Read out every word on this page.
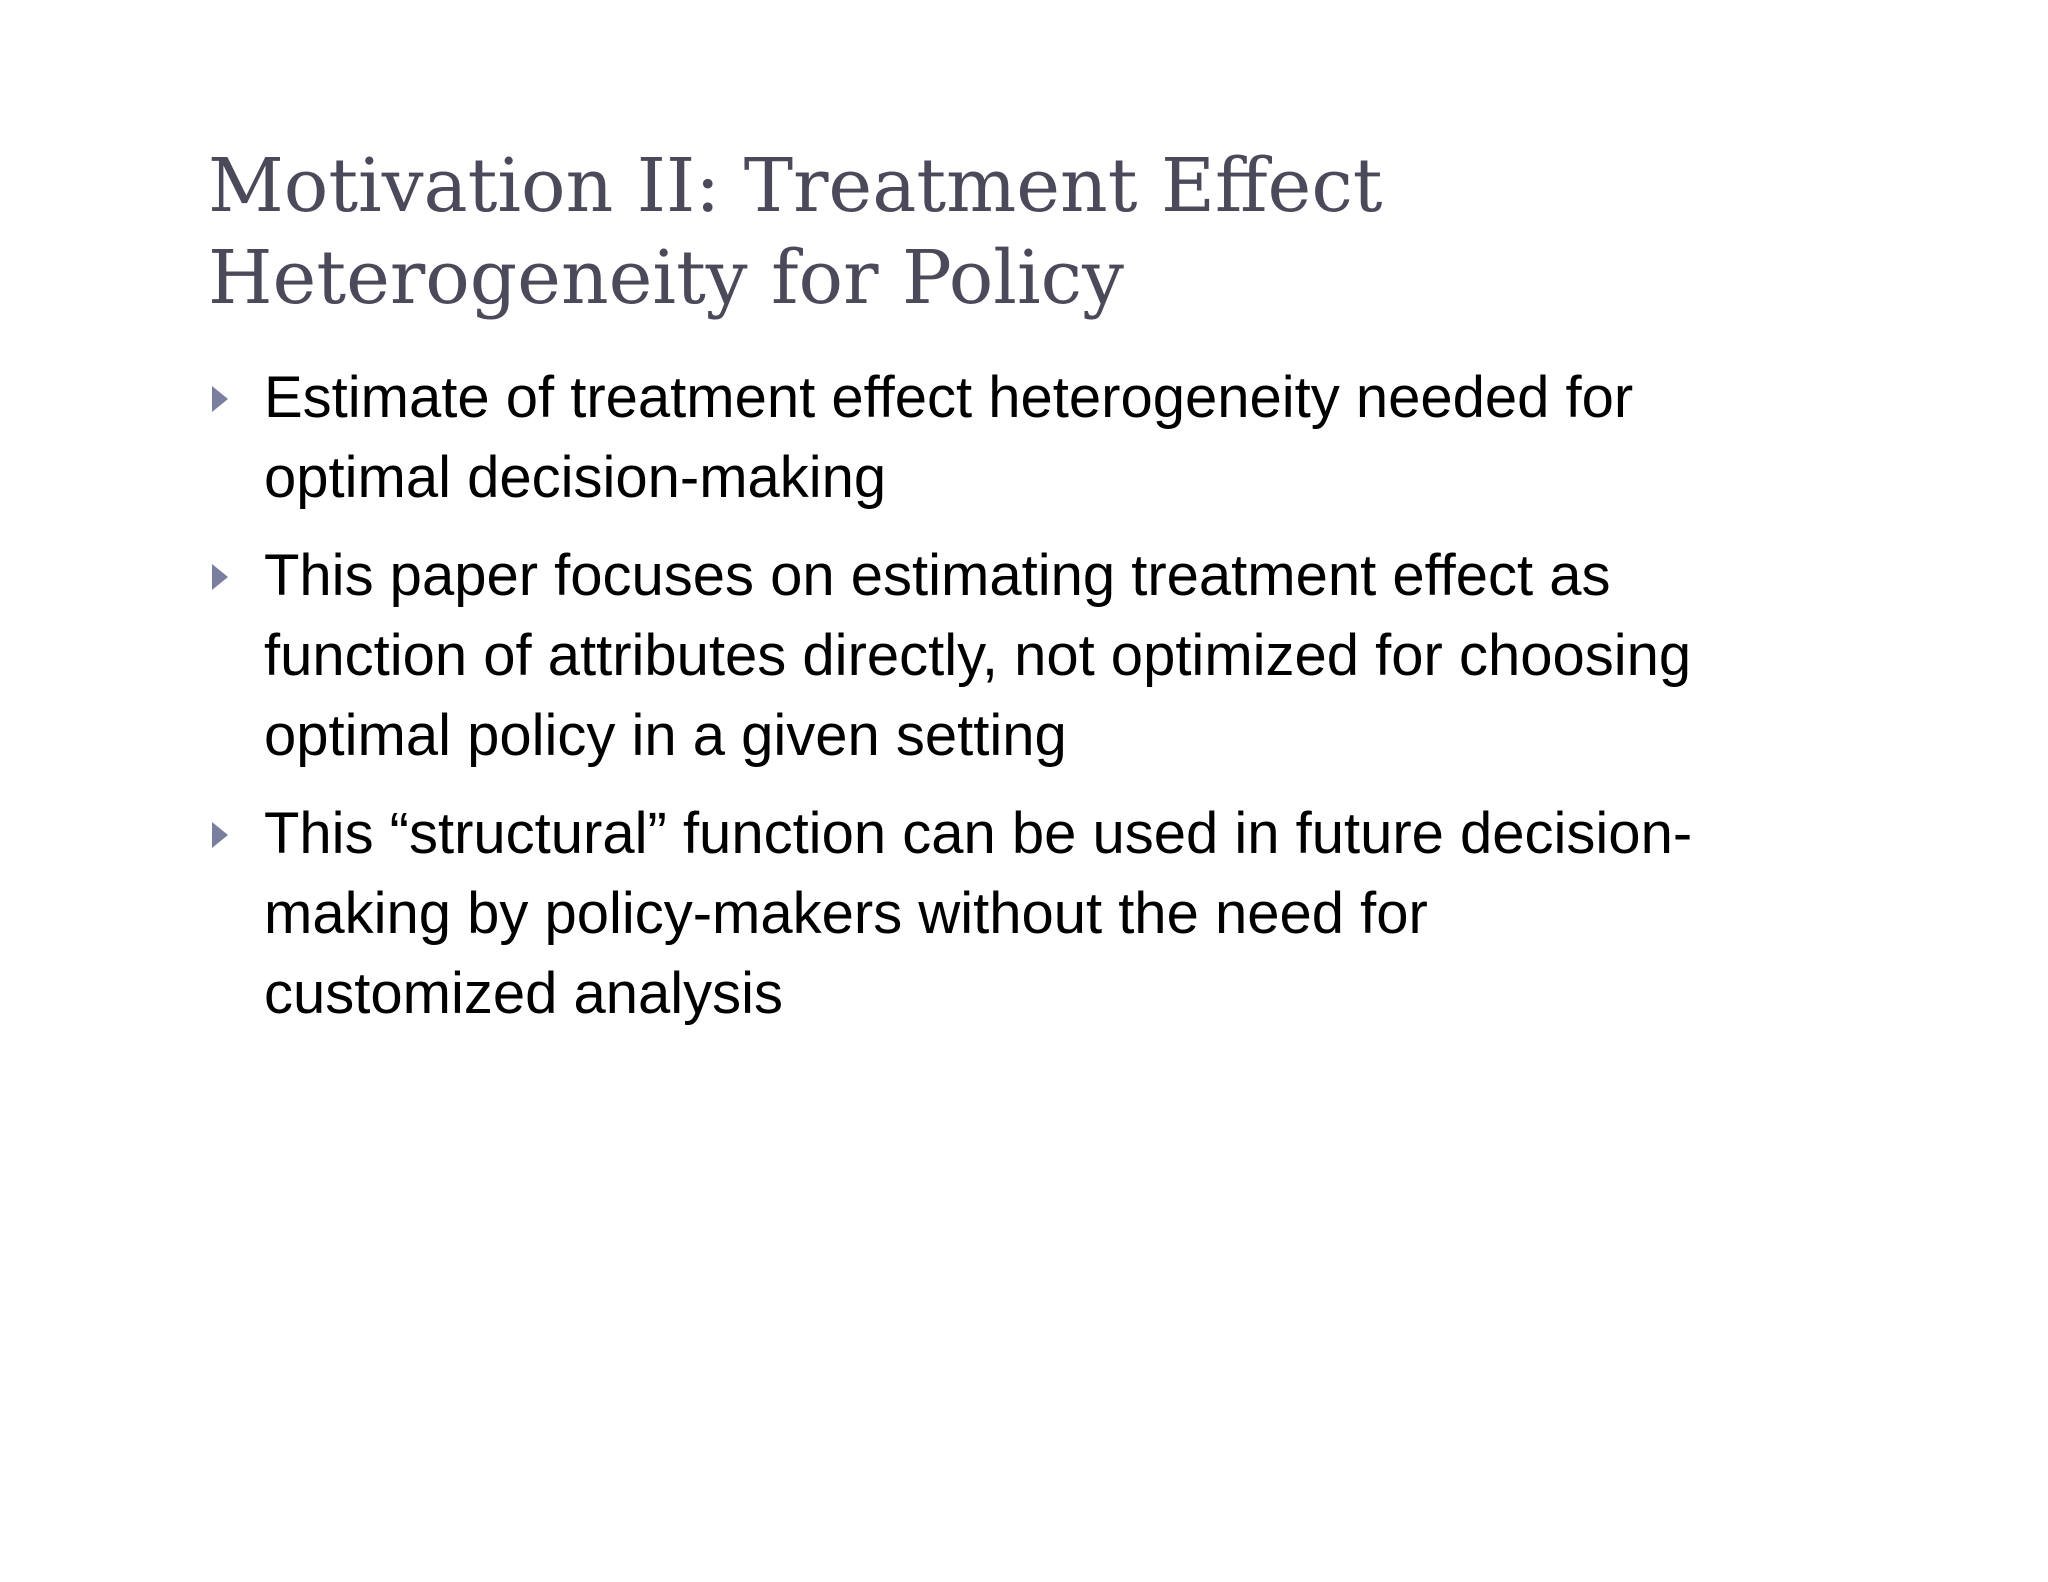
Motivation II: Treatment Effect
Heterogeneity for Policy
Estimate of treatment effect heterogeneity needed for
optimal decision-making
This paper focuses on estimating treatment effect as
function of attributes directly, not optimized for choosing
optimal policy in a given setting
This “structural” function can be used in future decision-
making by policy-makers without the need for
customized analysis
